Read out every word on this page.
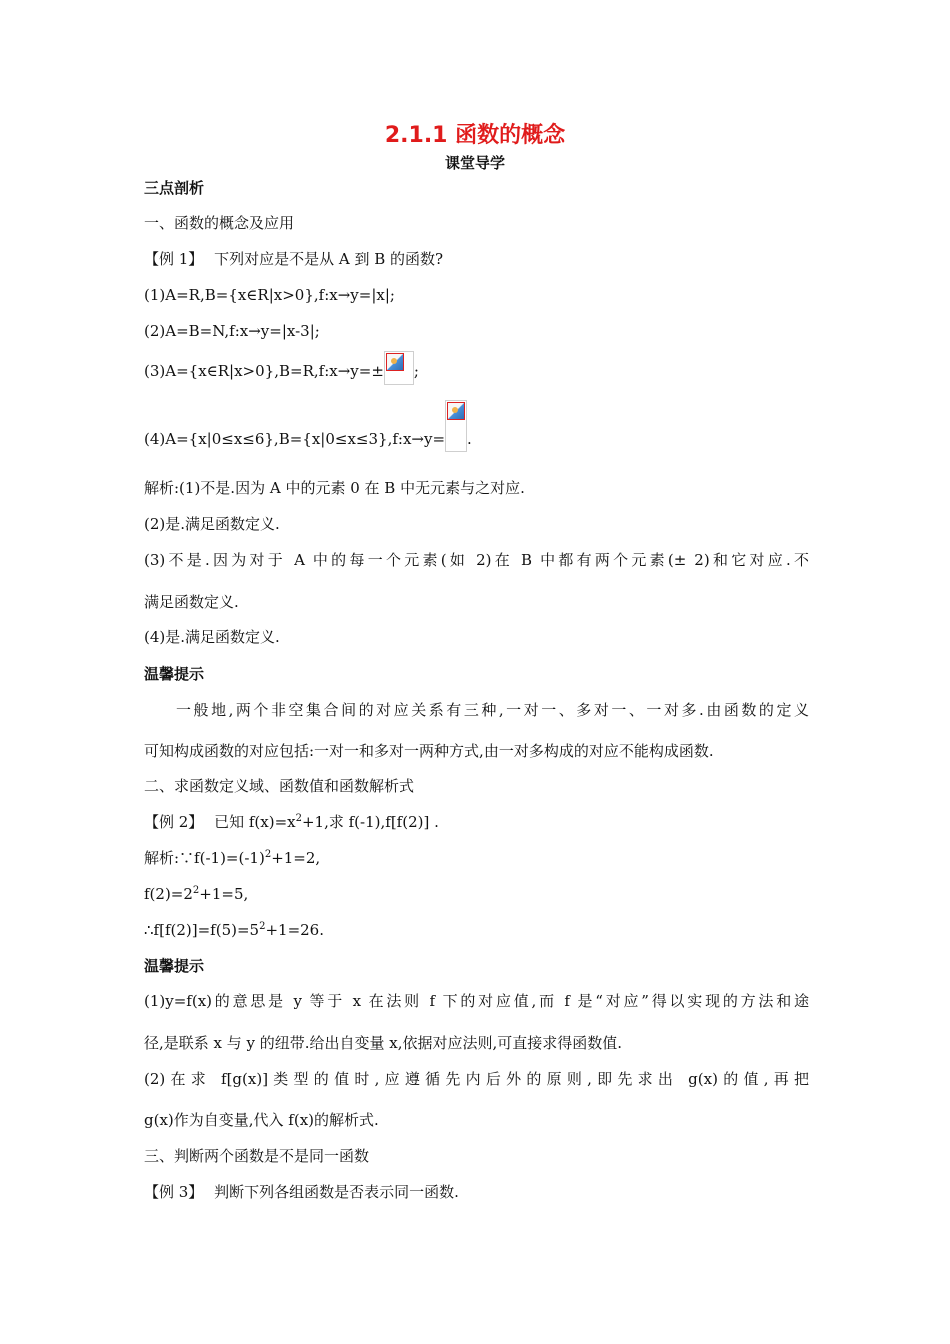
2.1.1 函数的概念
课堂导学
三点剖析
一、函数的概念及应用
【例 1】 下列对应是不是从 A 到 B 的函数?
(1)A=R,B={x∈R|x>0},f:x→y=|x|;
(2)A=B=N,f:x→y=|x-3|;
(3)A={x∈R|x>0},B=R,f:x→y=± ;
(4)A={x|0≤x≤6},B={x|0≤x≤3},f:x→y= .
解析:(1)不是.因为 A 中的元素 0 在 B 中无元素与之对应.
(2)是.满足函数定义.
(3)不是.因为对于 A 中的每一个元素(如 2)在 B 中都有两个元素(± 2)和它对应.不
满足函数定义.
(4)是.满足函数定义.
温馨提示
一般地,两个非空集合间的对应关系有三种,一对一、多对一、一对多.由函数的定义
可知构成函数的对应包括:一对一和多对一两种方式,由一对多构成的对应不能构成函数.
二、求函数定义域、函数值和函数解析式
【例 2】 已知 $f(x)=x^2+1$,求 f(-1),f[f(2)] .
解析$:\because f(-1)=(-1)^2+1=2$,
$f(2)=2^2+1=5$,
$\therefore f[f(2)]=f(5)=5^2+1=26$.
温馨提示
(1)y=f(x)的意思是 y 等于 x 在法则 f 下的对应值,而 f 是“对应”得以实现的方法和途
径,是联系 x 与 y 的纽带.给出自变量 x,依据对应法则,可直接求得函数值.
(2)在求 f[g(x)]类型的值时,应遵循先内后外的原则,即先求出 g(x)的值,再把
g(x)作为自变量,代入 f(x)的解析式.
三、判断两个函数是不是同一函数
【例 3】 判断下列各组函数是否表示同一函数.
